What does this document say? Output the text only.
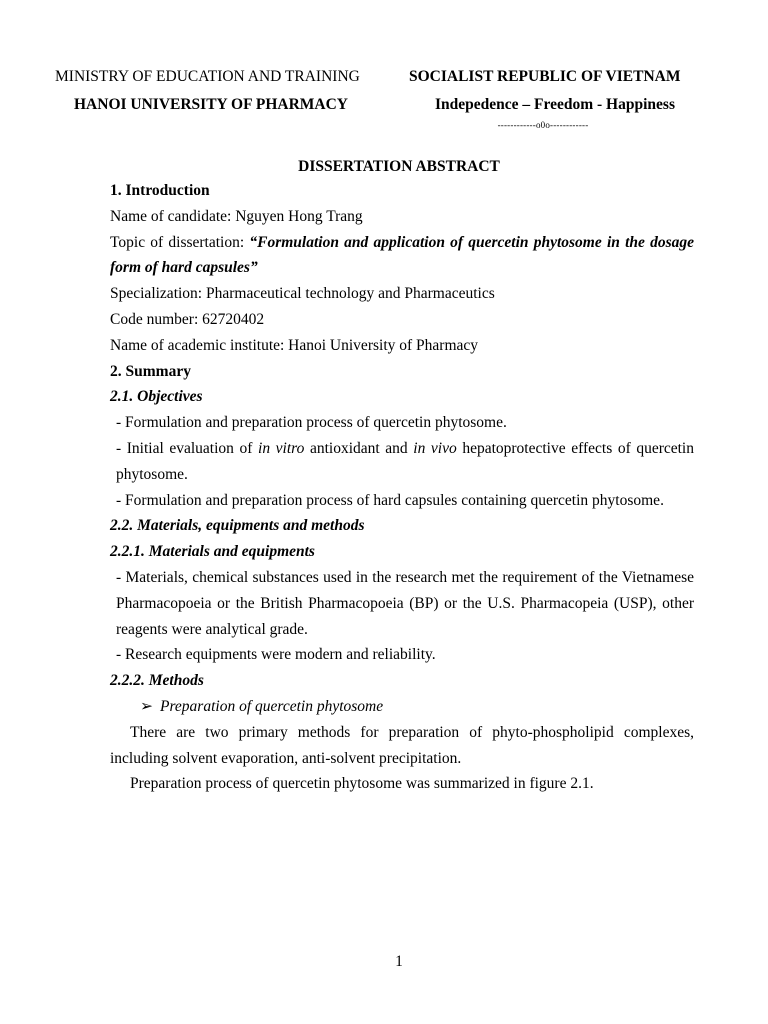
MINISTRY OF EDUCATION AND TRAINING
HANOI UNIVERSITY OF PHARMACY
SOCIALIST REPUBLIC OF VIETNAM
Indepedence – Freedom - Happiness
------------o0o------------
DISSERTATION ABSTRACT

1. Introduction

Name of candidate: Nguyen Hong Trang

Topic of dissertation: “Formulation and application of quercetin phytosome in the dosage form of hard capsules”

Specialization: Pharmaceutical technology and Pharmaceutics

Code number: 62720402

Name of academic institute: Hanoi University of Pharmacy

2. Summary

2.1. Objectives

- Formulation and preparation process of quercetin phytosome.

- Initial evaluation of in vitro antioxidant and in vivo hepatoprotective effects of quercetin phytosome.

- Formulation and preparation process of hard capsules containing quercetin phytosome.

2.2. Materials, equipments and methods

2.2.1. Materials and equipments

- Materials, chemical substances used in the research met the requirement of the Vietnamese Pharmacopoeia or the British Pharmacopoeia (BP) or the U.S. Pharmacopeia (USP), other reagents were analytical grade.

- Research equipments were modern and reliability.

2.2.2. Methods

➢ Preparation of quercetin phytosome

There are two primary methods for preparation of phyto-phospholipid complexes, including solvent evaporation, anti-solvent precipitation.

Preparation process of quercetin phytosome was summarized in figure 2.1.

1
